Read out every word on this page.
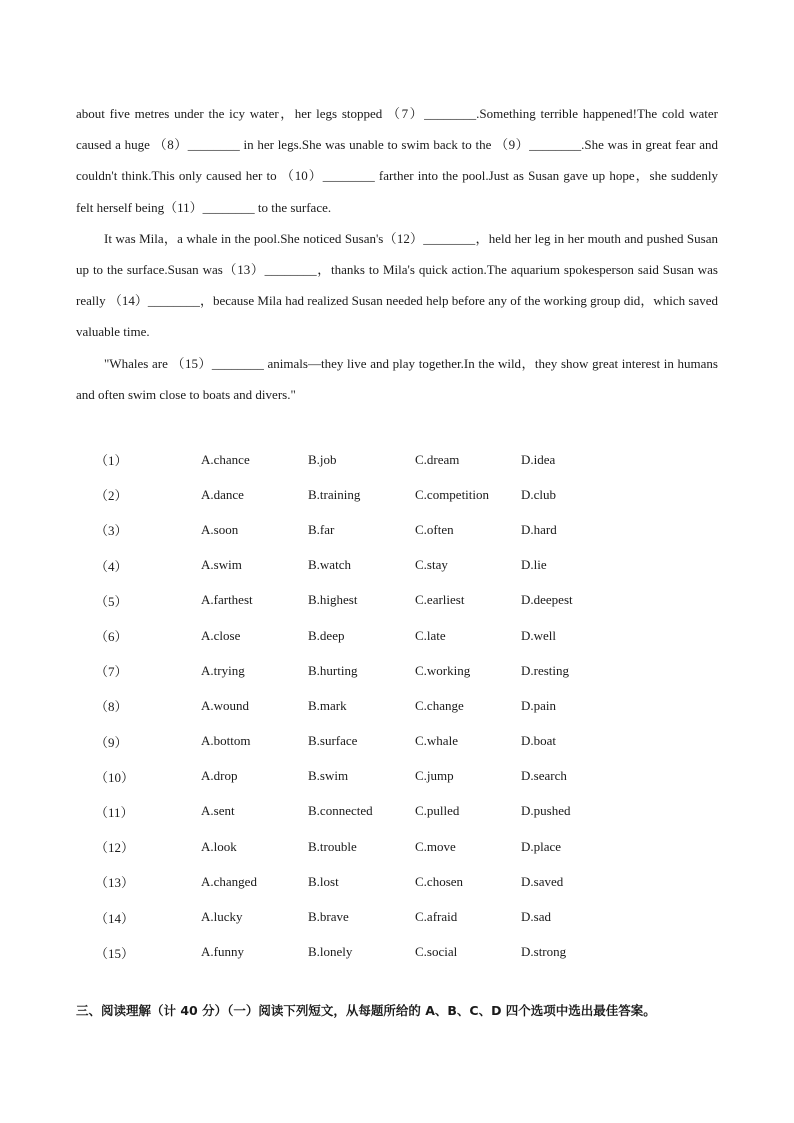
about five metres under the icy water，her legs stopped （7）________.Something terrible happened!The cold water caused a huge （8）________ in her legs.She was unable to swim back to the （9）________.She was in great fear and couldn't think.This only caused her to （10）________ farther into the pool.Just as Susan gave up hope，she suddenly felt herself being（11）________ to the surface.

It was Mila，a whale in the pool.She noticed Susan's（12）________，held her leg in her mouth and pushed Susan up to the surface.Susan was（13）________，thanks to Mila's quick action.The aquarium spokesperson said Susan was really （14）________，because Mila had realized Susan needed help before any of the working group did，which saved valuable time.

"Whales are （15）________ animals—they live and play together.In the wild，they show great interest in humans and often swim close to boats and divers."

（1）	A.chance	B.job	C.dream	D.idea
（2）	A.dance	B.training	C.competition	D.club
（3）	A.soon	B.far	C.often	D.hard
（4）	A.swim	B.watch	C.stay	D.lie
（5）	A.farthest	B.highest	C.earliest	D.deepest
（6）	A.close	B.deep	C.late	D.well
（7）	A.trying	B.hurting	C.working	D.resting
（8）	A.wound	B.mark	C.change	D.pain
（9）	A.bottom	B.surface	C.whale	D.boat
（10）	A.drop	B.swim	C.jump	D.search
（11）	A.sent	B.connected	C.pulled	D.pushed
（12）	A.look	B.trouble	C.move	D.place
（13）	A.changed	B.lost	C.chosen	D.saved
（14）	A.lucky	B.brave	C.afraid	D.sad
（15）	A.funny	B.lonely	C.social	D.strong
三、阅读理解（计 40 分）（一）阅读下列短文，从每题所给的 A、B、C、D 四个选项中选出最佳答案。
